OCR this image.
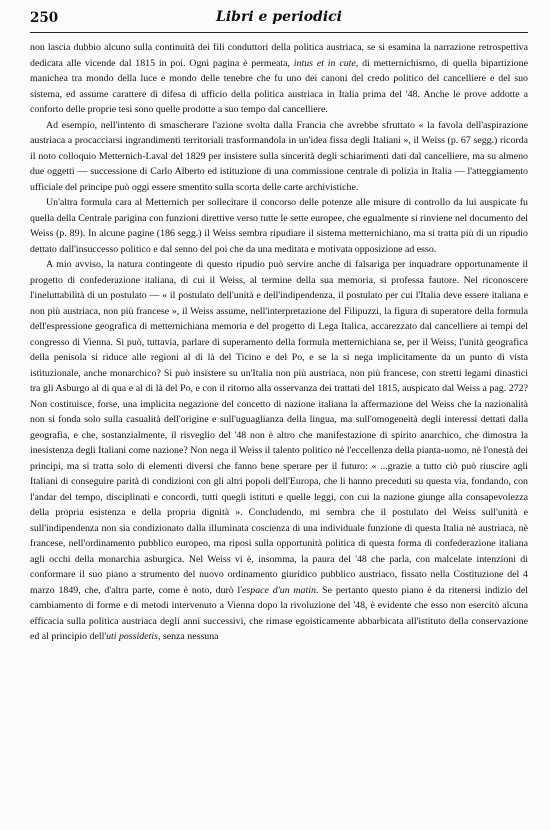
250	Libri e periodici

non lascia dubbio alcuno sulla continuità dei fili conduttori della politica austriaca, se si esamina la narrazione retrospettiva dedicata alle vicende dal 1815 in poi. Ogni pagina è permeata, intus et in cute, di metternichismo, di quella bipartizione manichea tra mondo della luce e mondo delle tenebre che fu uno dei canoni del credo politico del cancelliere e del suo sistema, ed assume carattere di difesa di ufficio della politica austriaca in Italia prima del '48. Anche le prove addotte a conforto delle proprie tesi sono quelle prodotte a suo tempo dal cancelliere.

Ad esempio, nell'intento di smascherare l'azione svolta dalla Francia che avrebbe sfruttato « la favola dell'aspirazione austriaca a procacciarsi ingrandimenti territoriali trasformandola in un'idea fissa degli Italiani », il Weiss (p. 67 segg.) ricorda il noto colloquio Metternich-Laval del 1829 per insistere sulla sincerità degli schiarimenti dati dal cancelliere, ma su almeno due oggetti — successione di Carlo Alberto ed istituzione di una commissione centrale di polizia in Italia — l'atteggiamento ufficiale del principe può oggi essere smentito sulla scorta delle carte archivistiche.

Un'altra formula cara al Metternich per sollecitare il concorso delle potenze alle misure di controllo da lui auspicate fu quella della Centrale parigina con funzioni direttive verso tutte le sette europee, che egualmente si rinviene nel documento del Weiss (p. 89). In alcune pagine (186 segg.) il Weiss sembra ripudiare il sistema metternichiano, ma si tratta più di un ripudio dettato dall'insuccesso politico e dal senno del poi che da una meditata e motivata opposizione ad esso.

A mio avviso, la natura contingente di questo ripudio può servire anche di falsariga per inquadrare opportunamente il progetto di confederazione italiana, di cui il Weiss, al termine della sua memoria, si professa fautore. Nel riconoscere l'ineluttabilità di un postulato — « il postulato dell'unità e dell'indipendenza, il postulato per cui l'Italia deve essere italiana e non più austriaca, non più francese », il Weiss assume, nell'interpretazione del Filipuzzi, la figura di superatore della formula dell'espressione geografica di metternichiana memoria e del progetto di Lega Italica, accarezzato dal cancelliere ai tempi del congresso di Vienna. Si può, tuttavia, parlare di superamento della formula metternichiana se, per il Weiss, l'unità geografica della penisola si riduce alle regioni al di là del Ticino e del Po, e se la si nega implicitamente da un punto di vista istituzionale, anche monarchico? Si può insistere su un'Italia non più austriaca, non più francese, con stretti legami dinastici tra gli Asburgo al di qua e al di là del Po, e con il ritorno alla osservanza dei trattati del 1815, auspicato dal Weiss a pag. 272? Non costituisce, forse, una implicita negazione del concetto di nazione italiana la affermazione del Weiss che la nazionalità non si fonda solo sulla casualità dell'origine e sull'uguaglianza della lingua, ma sull'omogeneità degli interessi dettati dalla geografia, e che, sostanzialmente, il risveglio del '48 non è altro che manifestazione di spirito anarchico, che dimostra la inesistenza degli Italiani come nazione? Non nega il Weiss il talento politico nè l'eccellenza della pianta-uomo, nè l'onestà dei principi, ma si tratta solo di elementi diversi che fanno bene sperare per il futuro: « ...grazie a tutto ciò può riuscire agli Italiani di conseguire parità di condizioni con gli altri popoli dell'Europa, che li hanno preceduti su questa via, fondando, con l'andar del tempo, disciplinati e concordi, tutti quegli istituti e quelle leggi, con cui la nazione giunge alla consapevolezza della propria esistenza e della propria dignità ». Concludendo, mi sembra che il postulato del Weiss sull'unità e sull'indipendenza non sia condizionato dalla illuminata coscienza di una individuale funzione di questa Italia nè austriaca, nè francese, nell'ordinamento pubblico europeo, ma riposi sulla opportunità politica di questa forma di confederazione italiana agli occhi della monarchia asburgica. Nel Weiss vi è, insomma, la paura del '48 che parla, con malcelate intenzioni di conformare il suo piano a strumento del nuovo ordinamento giuridico pubblico austriaco, fissato nella Costituzione del 4 marzo 1849, che, d'altra parte, come è noto, durò l'espace d'un matin. Se pertanto questo piano è da ritenersi indizio del cambiamento di forme e di metodi intervenuto a Vienna dopo la rivoluzione del '48, è evidente che esso non esercitò alcuna efficacia sulla politica austriaca degli anni successivi, che rimase egoisticamente abbarbicata all'istituto della conservazione ed al principio dell'uti possidetis, senza nessuna
